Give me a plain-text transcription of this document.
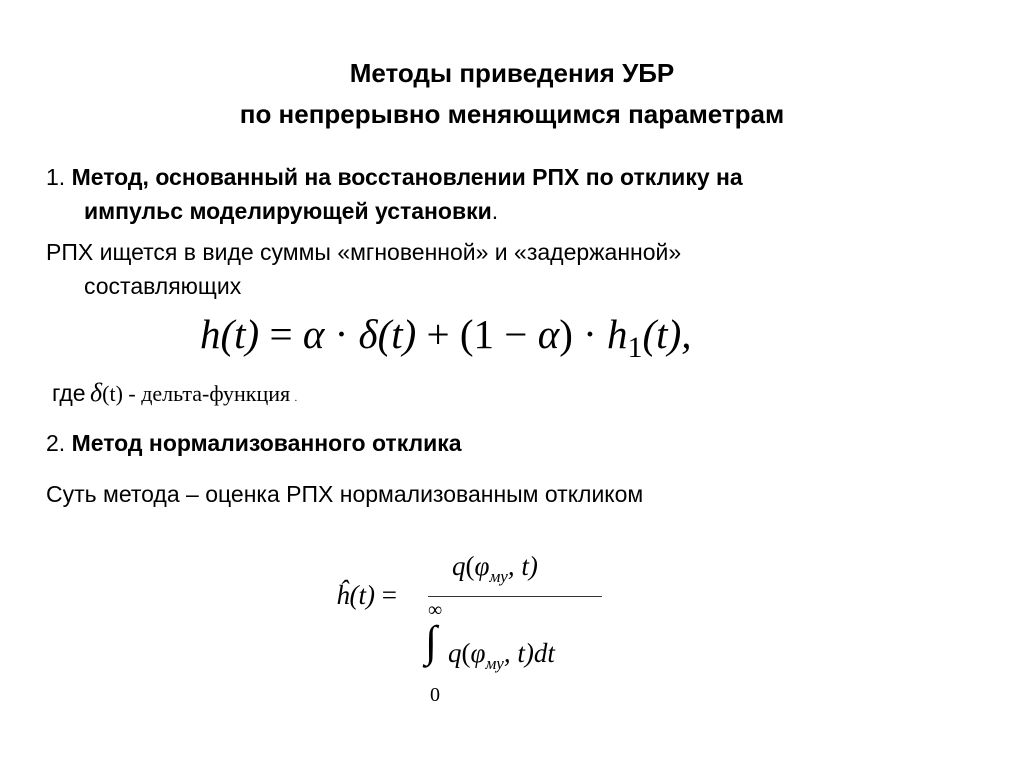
Методы приведения УБР
по непрерывно меняющимся параметрам
1. Метод, основанный на восстановлении РПХ по отклику на
импульс моделирующей установки.
РПХ ищется в виде суммы «мгновенной» и «задержанной»
составляющих
$h(t) = \alpha \cdot \delta(t) + (1 - \alpha) \cdot h_1(t)$,
где δ(t) - дельта-функция .
2. Метод нормализованного отклика
Суть метода – оценка РПХ нормализованным откликом
ĥ(t) =
$q(\varphi_{му}$, t)
∞
∫
0
$q(\varphi_{му}$, t)dt
